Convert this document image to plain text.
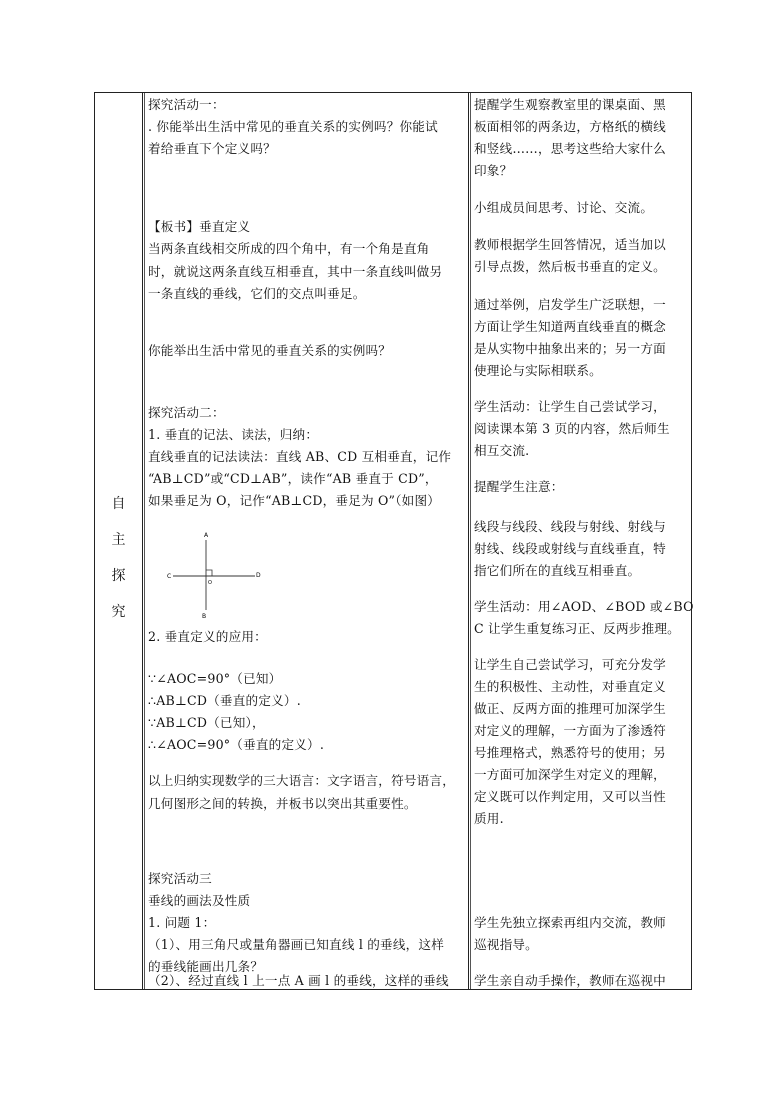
自
主
探
究
探究活动一：
. 你能举出生活中常见的垂直关系的实例吗？你能试
着给垂直下个定义吗？
【板书】垂直定义
当两条直线相交所成的四个角中，有一个角是直角
时，就说这两条直线互相垂直，其中一条直线叫做另
一条直线的垂线，它们的交点叫垂足。
你能举出生活中常见的垂直关系的实例吗？
探究活动二：
1. 垂直的记法、读法，归纳：
直线垂直的记法读法：直线 AB、CD 互相垂直，记作
“AB⊥CD”或“CD⊥AB”，读作“AB 垂直于 CD”，
如果垂足为 O，记作“AB⊥CD，垂足为 O”（如图）
A
B
C	D
O
2. 垂直定义的应用：
∵∠AOC=90°（已知）
∴AB⊥CD（垂直的定义）.
∵AB⊥CD（已知），
∴∠AOC=90°（垂直的定义）.
以上归纳实现数学的三大语言：文字语言，符号语言，
几何图形之间的转换，并板书以突出其重要性。
探究活动三
垂线的画法及性质
1. 问题 1：
（1）、用三角尺或量角器画已知直线 l 的垂线，这样
的垂线能画出几条？
（2）、经过直线 l 上一点 A 画 l 的垂线，这样的垂线
提醒学生观察教室里的课桌面、黑
板面相邻的两条边，方格纸的横线
和竖线……，思考这些给大家什么
印象？
小组成员间思考、讨论、交流。
教师根据学生回答情况，适当加以
引导点拨，然后板书垂直的定义。
通过举例，启发学生广泛联想，一
方面让学生知道两直线垂直的概念
是从实物中抽象出来的；另一方面
使理论与实际相联系。
学生活动：让学生自己尝试学习，
阅读课本第 3 页的内容，然后师生
相互交流.
提醒学生注意：
线段与线段、线段与射线、射线与
射线、线段或射线与直线垂直，特
指它们所在的直线互相垂直。
学生活动：用∠AOD、∠BOD 或∠BO
C 让学生重复练习正、反两步推理。
让学生自己尝试学习，可充分发学
生的积极性、主动性，对垂直定义
做正、反两方面的推理可加深学生
对定义的理解，一方面为了渗透符
号推理格式，熟悉符号的使用；另
一方面可加深学生对定义的理解，
定义既可以作判定用，又可以当性
质用.
学生先独立探索再组内交流，教师
巡视指导。
学生亲自动手操作，教师在巡视中
